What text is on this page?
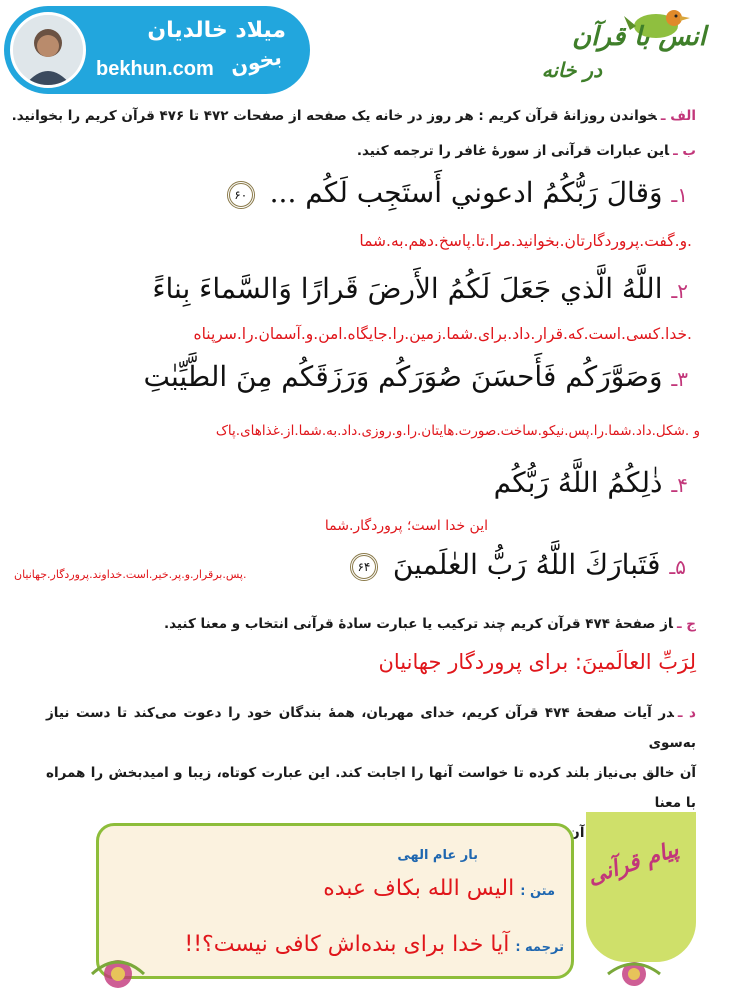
میلاد خالدیان
bekhun.com بخون
انس با قرآن
در خانه
الف ـخواندن روزانۀ قرآن کریم : هر روز در خانه یک صفحه از صفحات ۴۷۲ تا ۴۷۶ قرآن کریم را بخوانید.
ب ـاین عبارات قرآنی از سورۀ غافر را ترجمه کنید.
۱ـ وَقالَ رَبُّكُمُ ادعوني أَستَجِب لَكُم ... ۶۰
.و.گفت.پروردگارتان.بخوانید.مرا.تا.پاسخ.دهم.به.شما
۲ـ اللَّهُ الَّذي جَعَلَ لَكُمُ الأَرضَ قَرارًا وَالسَّماءَ بِناءً
.خدا.کسی.است.که.قرار.داد.برای.شما.زمین.را.جایگاه.امن.و.آسمان.را.سرپناه
۳ـ وَصَوَّرَكُم فَأَحسَنَ صُوَرَكُم وَرَزَقَكُم مِنَ الطَّيِّبٰتِ
و .شکل.داد.شما.را.پس.نیکو.ساخت.صورت.هایتان.را.و.روزی.داد.به.شما.از.غذاهای.پاک
۴ـ ذٰلِكُمُ اللَّهُ رَبُّكُم
این خدا است؛ پروردگار.شما
۵ـ فَتَبارَكَ اللَّهُ رَبُّ العٰلَمينَ ۶۴
.پس.برقرار.و.پر.خیر.است.خداوند.پروردگار.جهانیان
ج ـاز صفحۀ ۴۷۴ قرآن کریم چند ترکیب یا عبارت سادۀ قرآنی انتخاب و معنا کنید.
لِرَبِّ العالَمینَ: برای پروردگار جهانیان
د ـدر آیات صفحۀ ۴۷۴ قرآن کریم، خدای مهربان، همۀ بندگان خود را دعوت می‌کند تا دست نیاز به‌سوی
آن خالق بی‌نیاز بلند کرده تا خواست آنها را اجابت کند. این عبارت کوتاه، زیبا و امیدبخش را همراه با معنا
آن
پیام قرآنی
بار عام الهی
متن :الیس الله بکاف عبده
ترجمه :آیا خدا برای بنده‌اش کافی نیست؟!!
